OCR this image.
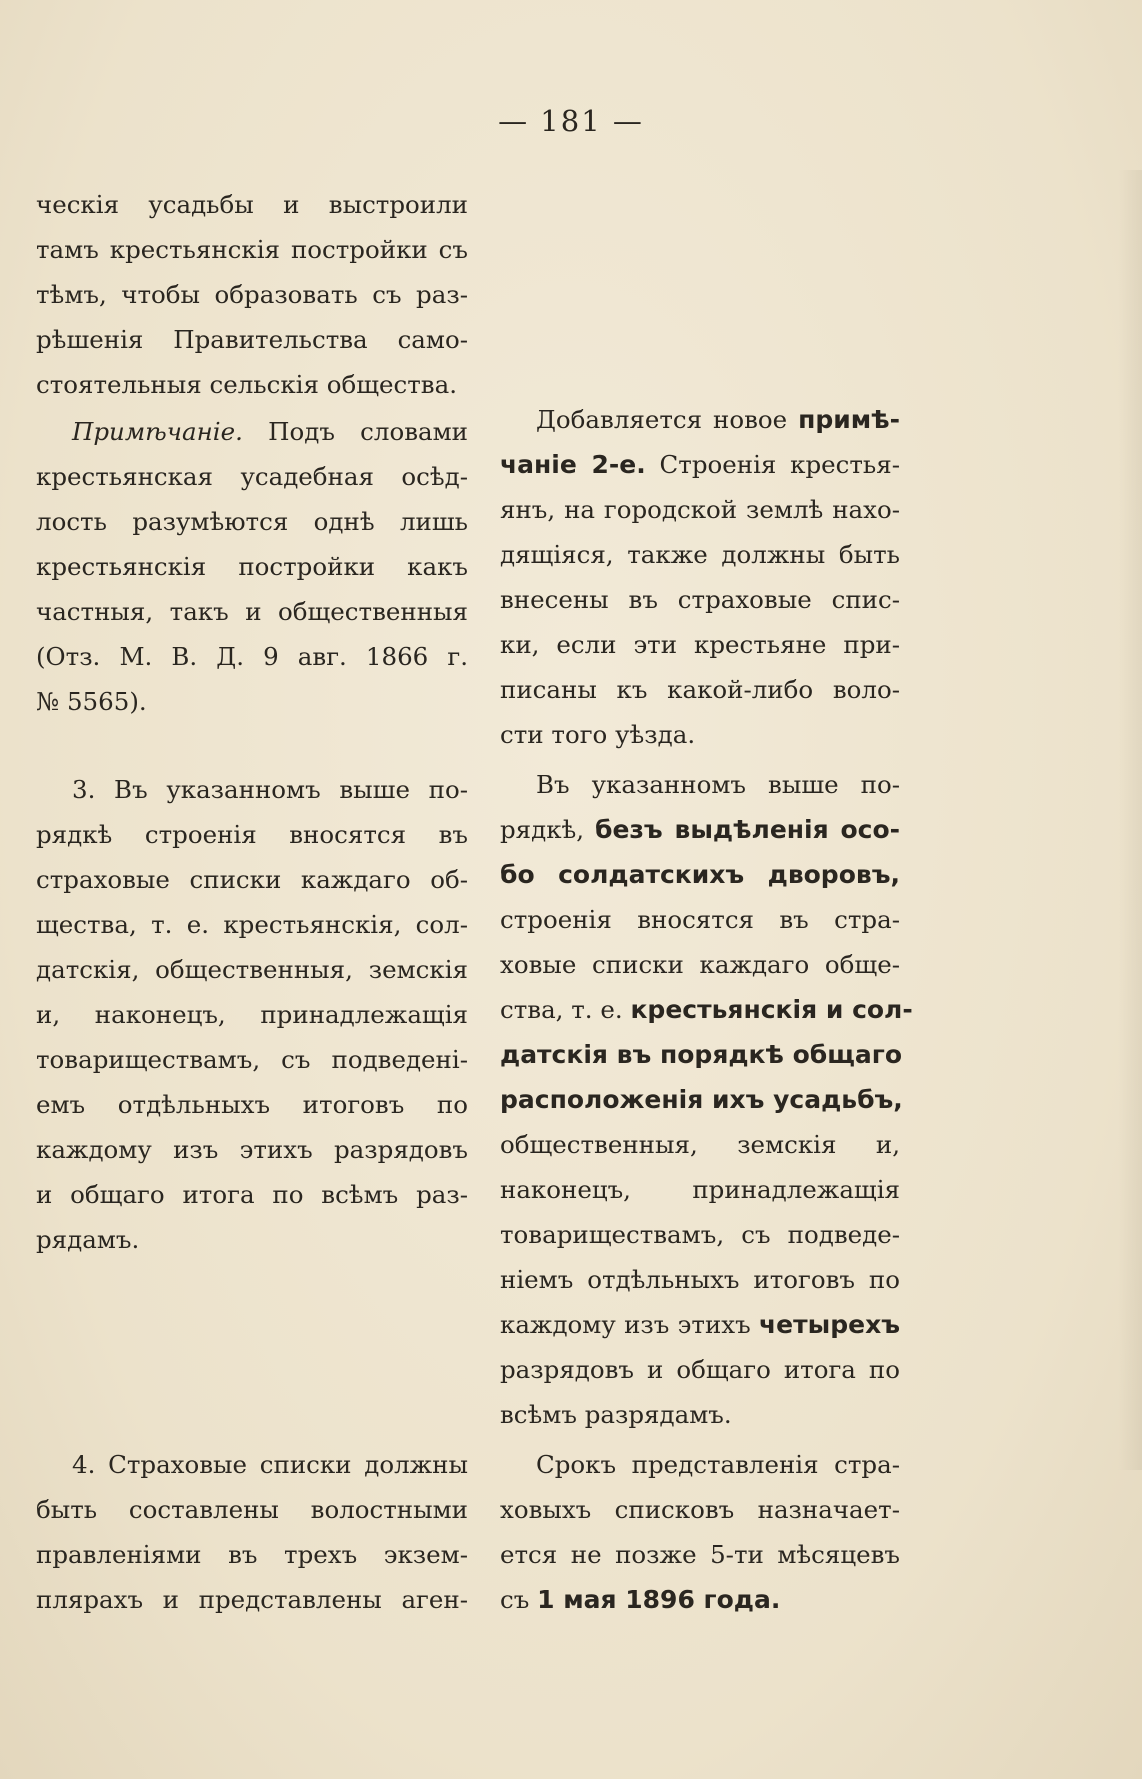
— 181 —
ческія усадьбы и выстроили
тамъ крестьянскія постройки съ
тѣмъ, чтобы образовать съ раз-
рѣшенія Правительства само-
стоятельныя сельскія общества.
Примѣчаніе. Подъ словами
крестьянская усадебная осѣд-
лость разумѣются однѣ лишь
крестьянскія постройки какъ
частныя, такъ и общественныя
(Отз. М. В. Д. 9 авг. 1866 г.
№ 5565).
3. Въ указанномъ выше по-
рядкѣ строенія вносятся въ
страховые списки каждаго об-
щества, т. е. крестьянскія, сол-
датскія, общественныя, земскія
и, наконецъ, принадлежащія
товариществамъ, съ подведені-
емъ отдѣльныхъ итоговъ по
каждому изъ этихъ разрядовъ
и общаго итога по всѣмъ раз-
рядамъ.
4. Страховые списки должны
быть составлены волостными
правленіями въ трехъ экзем-
плярахъ и представлены аген-
Добавляется новое примѣ-
чаніе 2-е. Строенія крестья-
янъ, на городской землѣ нахо-
дящіяся, также должны быть
внесены въ страховые спис-
ки, если эти крестьяне при-
писаны къ какой-либо воло-
сти того уѣзда.
Въ указанномъ выше по-
рядкѣ, безъ выдѣленія осо-
бо солдатскихъ дворовъ,
строенія вносятся въ стра-
ховые списки каждаго обще-
ства, т. е. крестьянскія и сол-
датскія въ порядкѣ общаго
расположенія ихъ усадьбъ,
общественныя, земскія и,
наконецъ, принадлежащія
товариществамъ, съ подведе-
ніемъ отдѣльныхъ итоговъ по
каждому изъ этихъ четырехъ
разрядовъ и общаго итога по
всѣмъ разрядамъ.
Срокъ представленія стра-
ховыхъ списковъ назначает-
ется не позже 5-ти мѣсяцевъ
съ 1 мая 1896 года.
